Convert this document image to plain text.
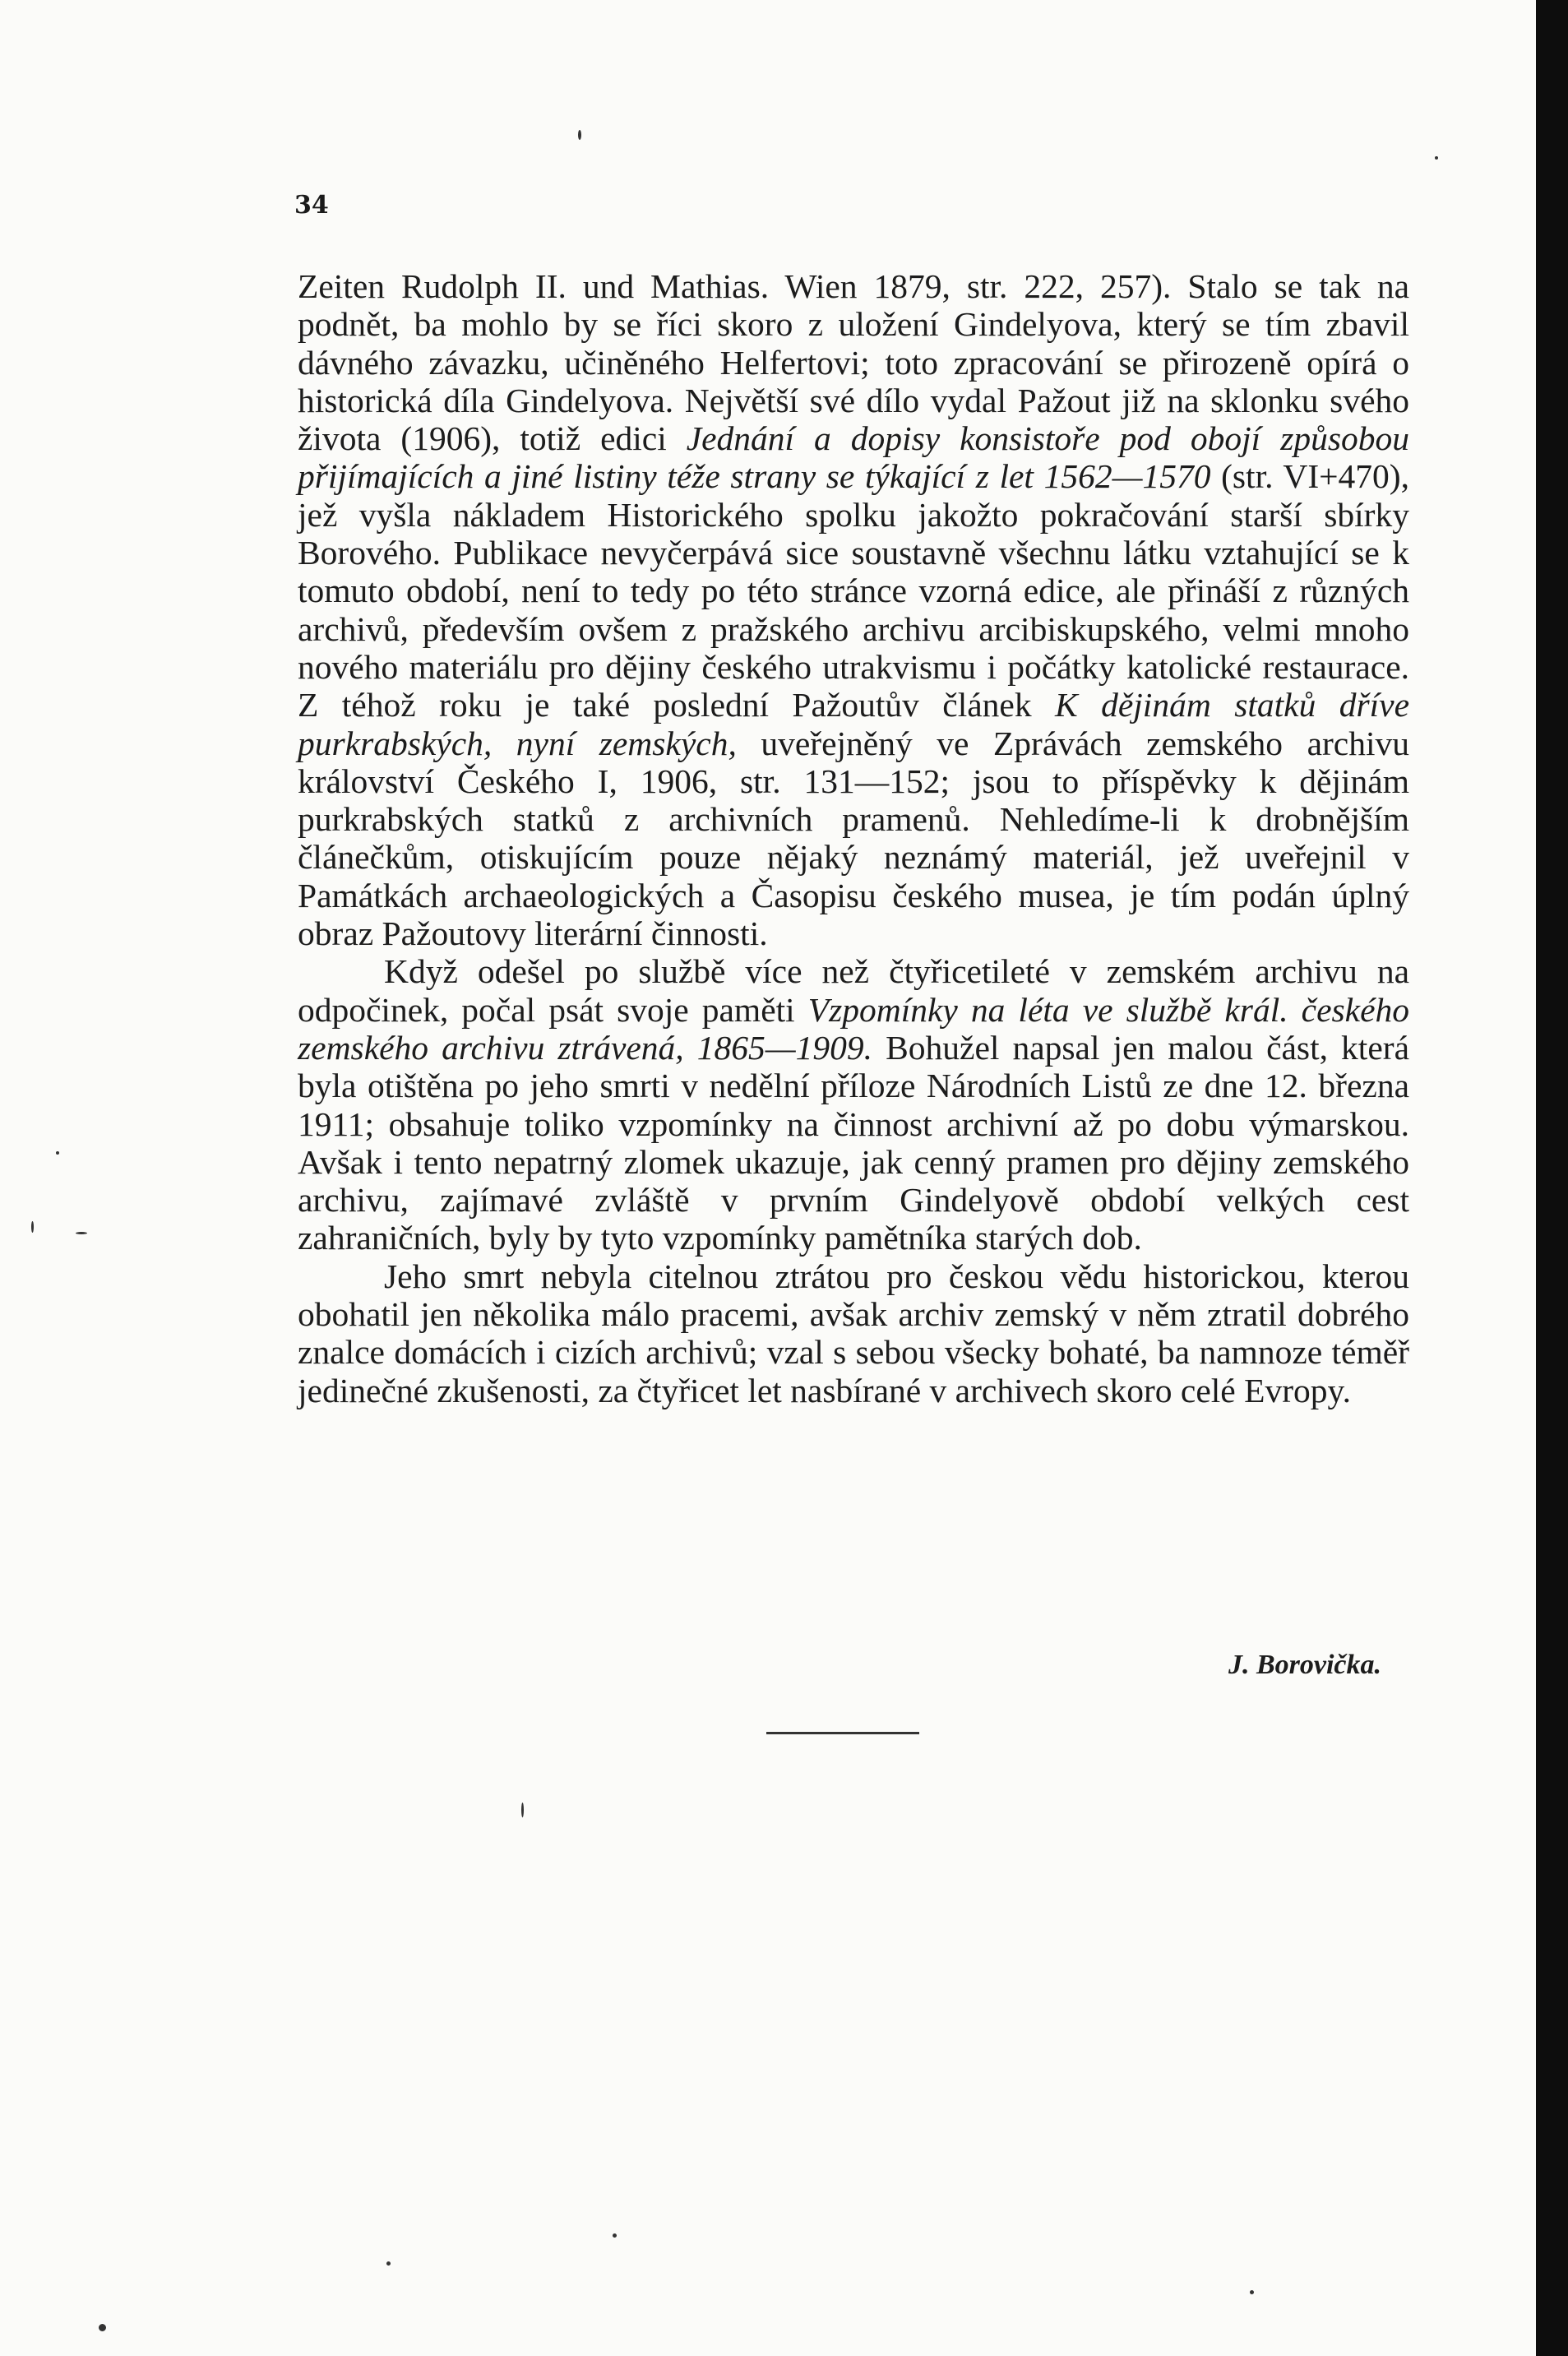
34

Zeiten Rudolph II. und Mathias. Wien 1879, str. 222, 257). Stalo se tak na podnět, ba mohlo by se říci skoro z uložení Gindelyova, který se tím zbavil dávného závazku, učiněného Helfertovi; toto zpracování se přirozeně opírá o historická díla Gindelyova. Největší své dílo vydal Pažout již na sklonku svého života (1906), totiž edici Jednání a dopisy konsistoře pod obojí způsobou přijímajících a jiné listiny téže strany se týkající z let 1562—1570 (str. VI+470), jež vyšla nákladem Historického spolku jakožto pokračování starší sbírky Borového. Publikace nevyčerpává sice soustavně všechnu látku vztahující se k tomuto období, není to tedy po této stránce vzorná edice, ale přináší z různých archivů, především ovšem z pražského archivu arcibiskupského, velmi mnoho nového materiálu pro dějiny českého utrakvismu i počátky katolické restaurace. Z téhož roku je také poslední Pažoutův článek K dějinám statků dříve purkrabských, nyní zemských, uveřejněný ve Zprávách zemského archivu království Českého I, 1906, str. 131—152; jsou to příspěvky k dějinám purkrabských statků z archivních pramenů. Nehledíme-li k drobnějším článečkům, otiskujícím pouze nějaký neznámý materiál, jež uveřejnil v Památkách archaeologických a Časopisu českého musea, je tím podán úplný obraz Pažoutovy literární činnosti.

Když odešel po službě více než čtyřicetileté v zemském archivu na odpočinek, počal psát svoje paměti Vzpomínky na léta ve službě král. českého zemského archivu ztrávená, 1865—1909. Bohužel napsal jen malou část, která byla otištěna po jeho smrti v nedělní příloze Národních Listů ze dne 12. března 1911; obsahuje toliko vzpomínky na činnost archivní až po dobu výmarskou. Avšak i tento nepatrný zlomek ukazuje, jak cenný pramen pro dějiny zemského archivu, zajímavé zvláště v prvním Gindelyově období velkých cest zahraničních, byly by tyto vzpomínky pamětníka starých dob.

Jeho smrt nebyla citelnou ztrátou pro českou vědu historickou, kterou obohatil jen několika málo pracemi, avšak archiv zemský v něm ztratil dobrého znalce domácích i cizích archivů; vzal s sebou všecky bohaté, ba namnoze téměř jedinečné zkušenosti, za čtyřicet let nasbírané v archivech skoro celé Evropy.

J. Borovička.
